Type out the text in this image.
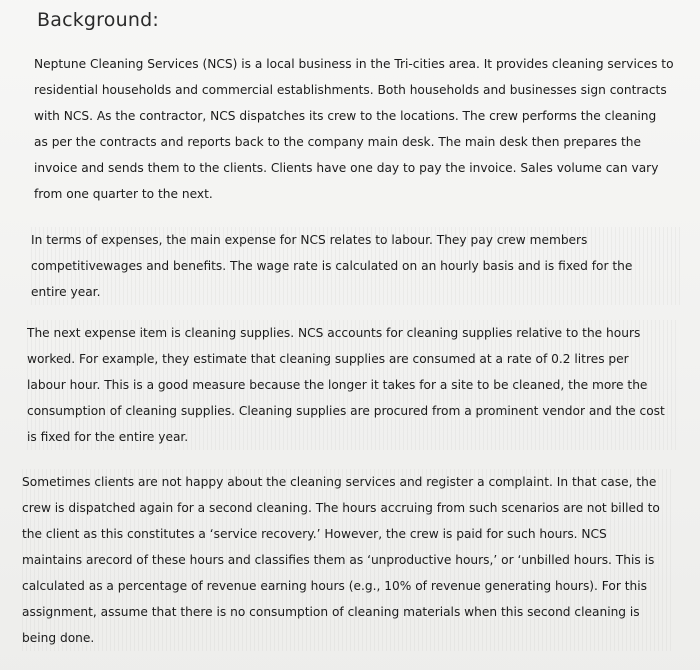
Background:
Neptune Cleaning Services (NCS) is a local business in the Tri-cities area. It provides cleaning services to
residential households and commercial establishments. Both households and businesses sign contracts
with NCS. As the contractor, NCS dispatches its crew to the locations. The crew performs the cleaning
as per the contracts and reports back to the company main desk. The main desk then prepares the
invoice and sends them to the clients. Clients have one day to pay the invoice. Sales volume can vary
from one quarter to the next.
In terms of expenses, the main expense for NCS relates to labour. They pay crew members
competitivewages and benefits. The wage rate is calculated on an hourly basis and is fixed for the
entire year.
The next expense item is cleaning supplies. NCS accounts for cleaning supplies relative to the hours
worked. For example, they estimate that cleaning supplies are consumed at a rate of 0.2 litres per
labour hour. This is a good measure because the longer it takes for a site to be cleaned, the more the
consumption of cleaning supplies. Cleaning supplies are procured from a prominent vendor and the cost
is fixed for the entire year.
Sometimes clients are not happy about the cleaning services and register a complaint. In that case, the
crew is dispatched again for a second cleaning. The hours accruing from such scenarios are not billed to
the client as this constitutes a ‘service recovery.’ However, the crew is paid for such hours. NCS
maintains arecord of these hours and classifies them as ‘unproductive hours,’ or ‘unbilled hours. This is
calculated as a percentage of revenue earning hours (e.g., 10% of revenue generating hours). For this
assignment, assume that there is no consumption of cleaning materials when this second cleaning is
being done.
